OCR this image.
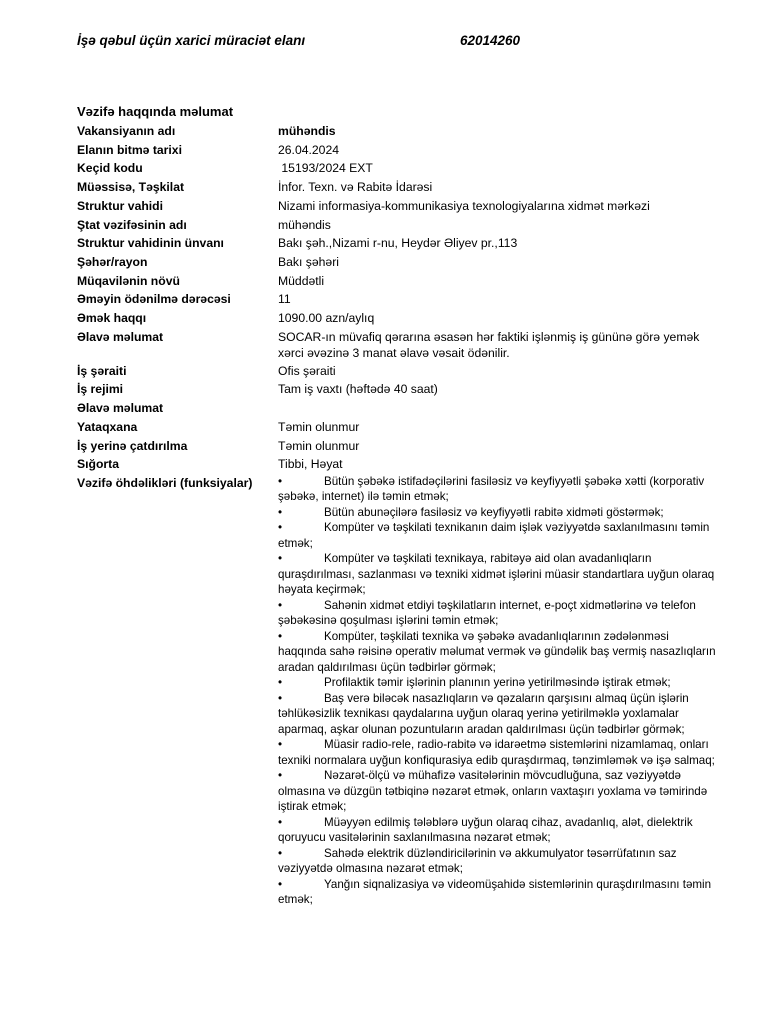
İşə qəbul üçün xarici müraciət elanı	62014260
Vəzifə haqqında məlumat
Vakansiyanın adı	mühəndis
Elanın bitmə tarixi	26.04.2024
Keçid kodu	15193/2024 EXT
Müəssisə, Təşkilat	İnfor. Texn. və Rabitə İdarəsi
Struktur vahidi	Nizami informasiya-kommunikasiya texnologiyalarına xidmət mərkəzi
Ştat vəzifəsinin adı	mühəndis
Struktur vahidinin ünvanı	Bakı şəh.,Nizami r-nu, Heydər Əliyev pr.,113
Şəhər/rayon	Bakı şəhəri
Müqavilənin növü	Müddətli
Əməyin ödənilmə dərəcəsi	11
Əmək haqqı	1090.00 azn/aylıq
Əlavə məlumat	SOCAR-ın müvafiq qərarına əsasən hər faktiki işlənmiş iş gününə görə yemək xərci əvəzinə 3 manat əlavə vəsait ödənilir.
İş şəraiti	Ofis şəraiti
İş rejimi	Tam iş vaxtı (həftədə 40 saat)
Əlavə məlumat
Yataqxana	Təmin olunmur
İş yerinə çatdırılma	Təmin olunmur
Sığorta	Tibbi, Həyat
Vəzifə öhdəlikləri (funksiyalar)	•	Bütün şəbəkə istifadəçilərini fasiləsiz və keyfiyyətli şəbəkə xətti (korporativ şəbəkə, internet) ilə təmin etmək;

•	Bütün abunəçilərə fasiləsiz və keyfiyyətli rabitə xidməti göstərmək;

•	Kompüter və təşkilati texnikanın daim işlək vəziyyətdə saxlanılmasını təmin etmək;

•	Kompüter və təşkilati texnikaya, rabitəyə aid olan avadanlıqların quraşdırılması, sazlanması və texniki xidmət işlərini müasir standartlara uyğun olaraq həyata keçirmək;

•	Sahənin xidmət etdiyi təşkilatların internet, e-poçt xidmətlərinə və telefon şəbəkəsinə qoşulması işlərini təmin etmək;

•	Kompüter, təşkilati texnika və şəbəkə avadanlıqlarının zədələnməsi haqqında sahə rəisinə operativ məlumat vermək və gündəlik baş vermiş nasazlıqların aradan qaldırılması üçün tədbirlər görmək;

•	Profilaktik təmir işlərinin planının yerinə yetirilməsində iştirak etmək;

•	Baş verə biləcək nasazlıqların və qəzaların qarşısını almaq üçün işlərin təhlükəsizlik texnikası qaydalarına uyğun olaraq yerinə yetirilməklə yoxlamalar aparmaq, aşkar olunan pozuntuların aradan qaldırılması üçün tədbirlər görmək;

•	Müasir radio-rele, radio-rabitə və idarəetmə sistemlərini nizamlamaq, onları texniki normalara uyğun konfiqurasiya edib quraşdırmaq, tənzimləmək və işə salmaq;

•	Nəzarət-ölçü və mühafizə vasitələrinin mövcudluğuna, saz vəziyyətdə olmasına və düzgün tətbiqinə nəzarət etmək, onların vaxtaşırı yoxlama və təmirində iştirak etmək;

•	Müəyyən edilmiş tələblərə uyğun olaraq cihaz, avadanlıq, alət, dielektrik qoruyucu vasitələrinin saxlanılmasına nəzarət etmək;

•	Sahədə elektrik düzləndiricilərinin və akkumulyator təsərrüfatının saz vəziyyətdə olmasına nəzarət etmək;

•	Yanğın siqnalizasiya və videomüşahidə sistemlərinin quraşdırılmasını təmin etmək;
